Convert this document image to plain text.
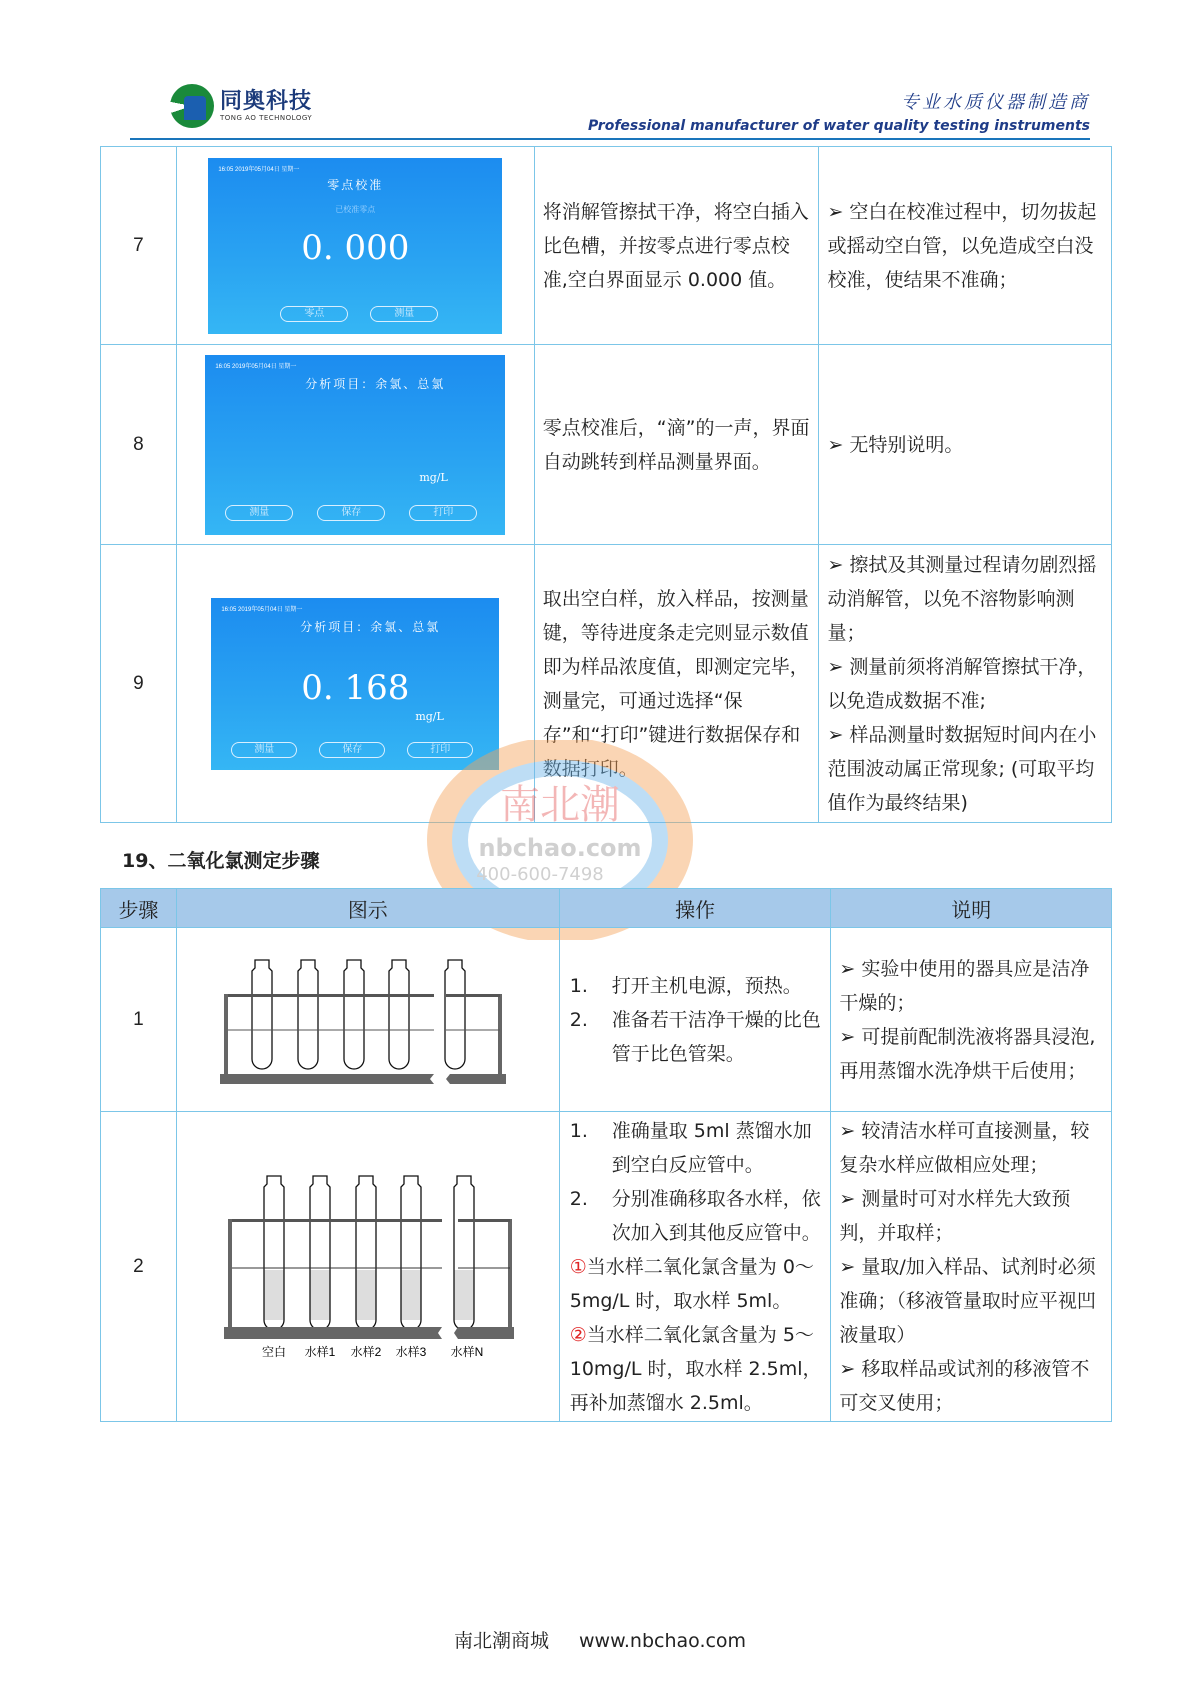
同奥科技
TONG AO TECHNOLOGY
专业水质仪器制造商
Professional manufacturer of water quality testing instruments
7	
16:05 2019年05月04日 星期一
零点校准
已校准零点
0. 000
零点	测量
	将消解管擦拭干净，将空白插入比色槽，并按零点进行零点校准,空白界面显示 0.000 值。	
➢ 空白在校准过程中，切勿拔起或摇动空白管，以免造成空白没校准，使结果不准确；

8	
16:05 2019年05月04日 星期一
分析项目：余氯、总氯
mg/L
测量	保存	打印
	零点校准后，“滴”的一声，界面自动跳转到样品测量界面。	
➢ 无特别说明。

9	
16:05 2019年05月04日 星期一
分析项目：余氯、总氯
0. 168
mg/L
测量	保存	打印
	取出空白样，放入样品，按测量键，等待进度条走完则显示数值即为样品浓度值，即测定完毕，测量完，可通过选择“保存”和“打印”键进行数据保存和数据打印。	
➢ 擦拭及其测量过程请勿剧烈摇动消解管，以免不溶物影响测量；
➢ 测量前须将消解管擦拭干净，以免造成数据不准;
➢ 样品测量时数据短时间内在小范围波动属正常现象; (可取平均值作为最终结果)
19、二氧化氯测定步骤
南北潮
nbchao.com
400-600-7498
步骤	图示	操作	说明
1	

1.	打开主机电源，预热。
2.	准备若干洁净干燥的比色管于比色管架。

➢ 实验中使用的器具应是洁净干燥的；
➢ 可提前配制洗液将器具浸泡,再用蒸馏水洗净烘干后使用；

2	
空白 水样1 水样2 水样3 水样N

1.	准确量取 5ml 蒸馏水加到空白反应管中。
2.	分别准确移取各水样，依次加入到其他反应管中。
①当水样二氧化氯含量为 0～5mg/L 时，取水样 5ml。
②当水样二氧化氯含量为 5～10mg/L 时，取水样 2.5ml，再补加蒸馏水 2.5ml。

➢ 较清洁水样可直接测量，较复杂水样应做相应处理；
➢ 测量时可对水样先大致预判，并取样；
➢ 量取/加入样品、试剂时必须准确；（移液管量取时应平视凹液量取）
➢ 移取样品或试剂的移液管不可交叉使用；
南北潮商城 www.nbchao.com
